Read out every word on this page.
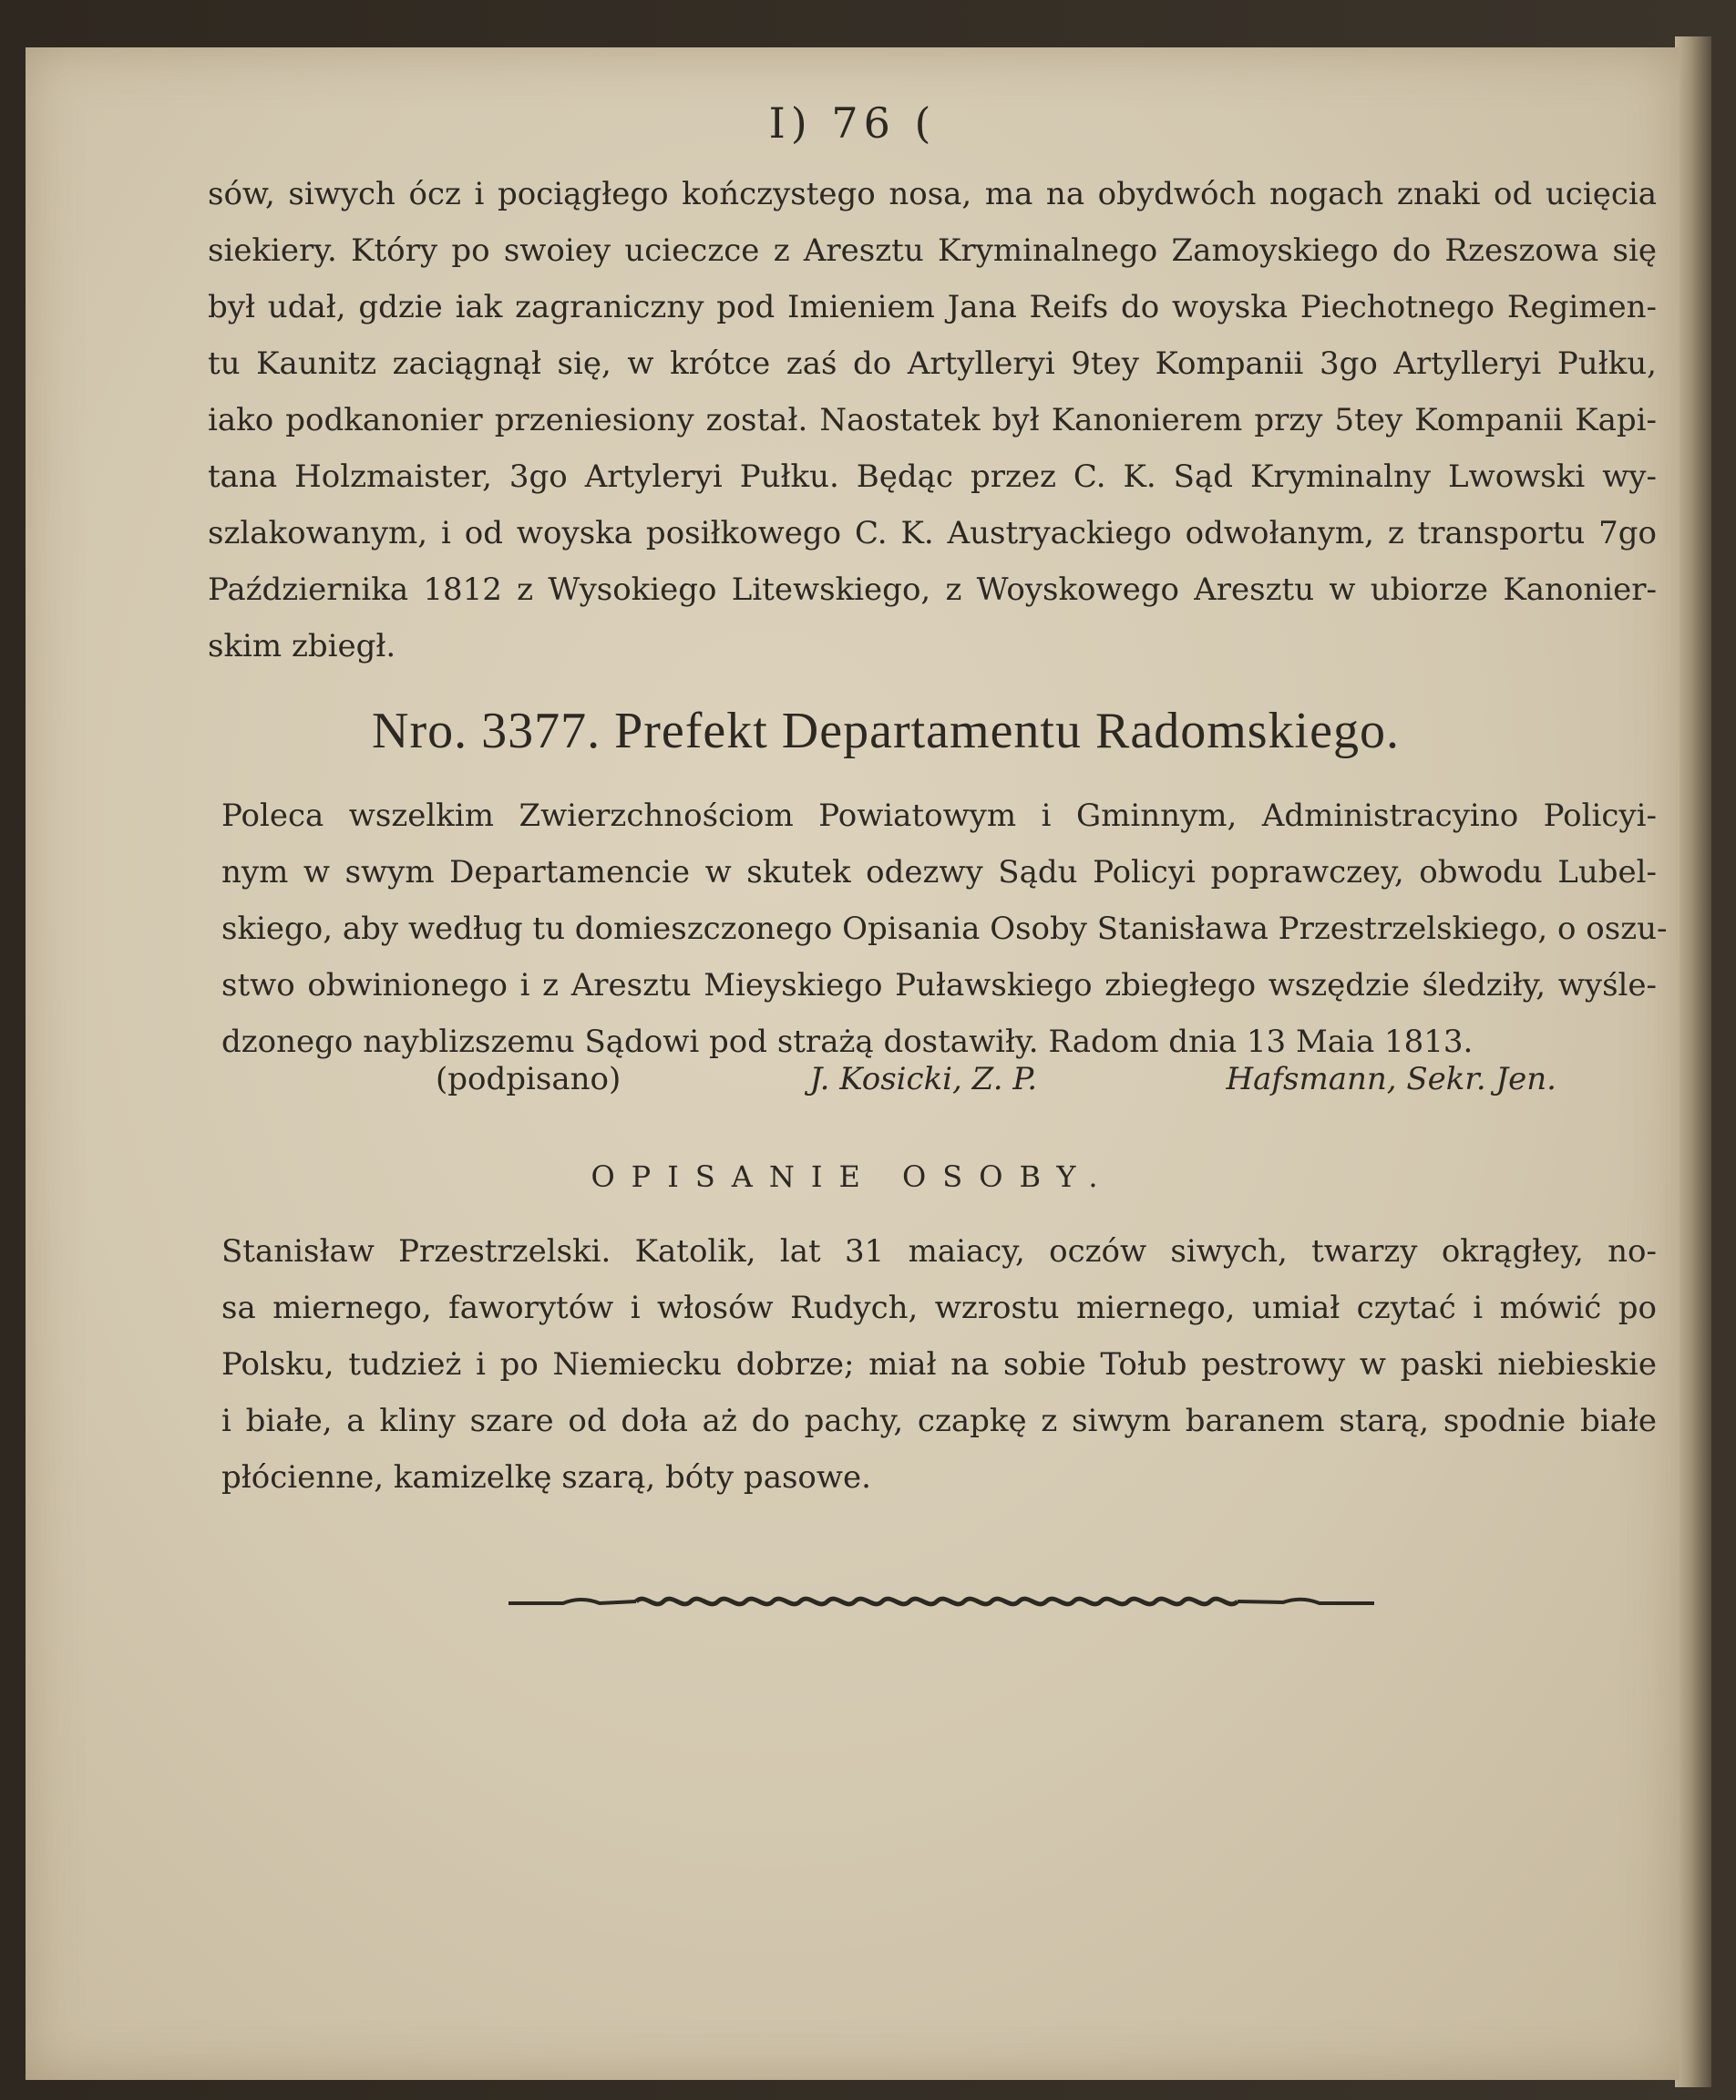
I) 76 (
sów, siwych ócz i pociągłego kończystego nosa, ma na obydwóch nogach znaki od ucięcia
siekiery. Który po swoiey ucieczce z Aresztu Kryminalnego Zamoyskiego do Rzeszowa się
był udał, gdzie iak zagraniczny pod Imieniem Jana Reifs do woyska Piechotnego Regimen-
tu Kaunitz zaciągnął się, w krótce zaś do Artylleryi 9tey Kompanii 3go Artylleryi Pułku,
iako podkanonier przeniesiony został. Naostatek był Kanonierem przy 5tey Kompanii Kapi-
tana Holzmaister, 3go Artyleryi Pułku. Będąc przez C. K. Sąd Kryminalny Lwowski wy-
szlakowanym, i od woyska posiłkowego C. K. Austryackiego odwołanym, z transportu 7go
Października 1812 z Wysokiego Litewskiego, z Woyskowego Aresztu w ubiorze Kanonier-
skim zbiegł.
Nro. 3377. Prefekt Departamentu Radomskiego.
Poleca wszelkim Zwierzchnościom Powiatowym i Gminnym, Administracyino Policyi-
nym w swym Departamencie w skutek odezwy Sądu Policyi poprawczey, obwodu Lubel-
skiego, aby według tu domieszczonego Opisania Osoby Stanisława Przestrzelskiego, o oszu-
stwo obwinionego i z Aresztu Mieyskiego Puławskiego zbiegłego wszędzie śledziły, wyśle-
dzonego nayblizszemu Sądowi pod strażą dostawiły. Radom dnia 13 Maia 1813.
(podpisano)	J. Kosicki, Z. P.	Hafsmann, Sekr. Jen.
OPISANIE OSOBY.
Stanisław Przestrzelski. Katolik, lat 31 maiacy, oczów siwych, twarzy okrągłey, no-
sa miernego, faworytów i włosów Rudych, wzrostu miernego, umiał czytać i mówić po
Polsku, tudzież i po Niemiecku dobrze; miał na sobie Tołub pestrowy w paski niebieskie
i białe, a kliny szare od doła aż do pachy, czapkę z siwym baranem starą, spodnie białe
płócienne, kamizelkę szarą, bóty pasowe.
